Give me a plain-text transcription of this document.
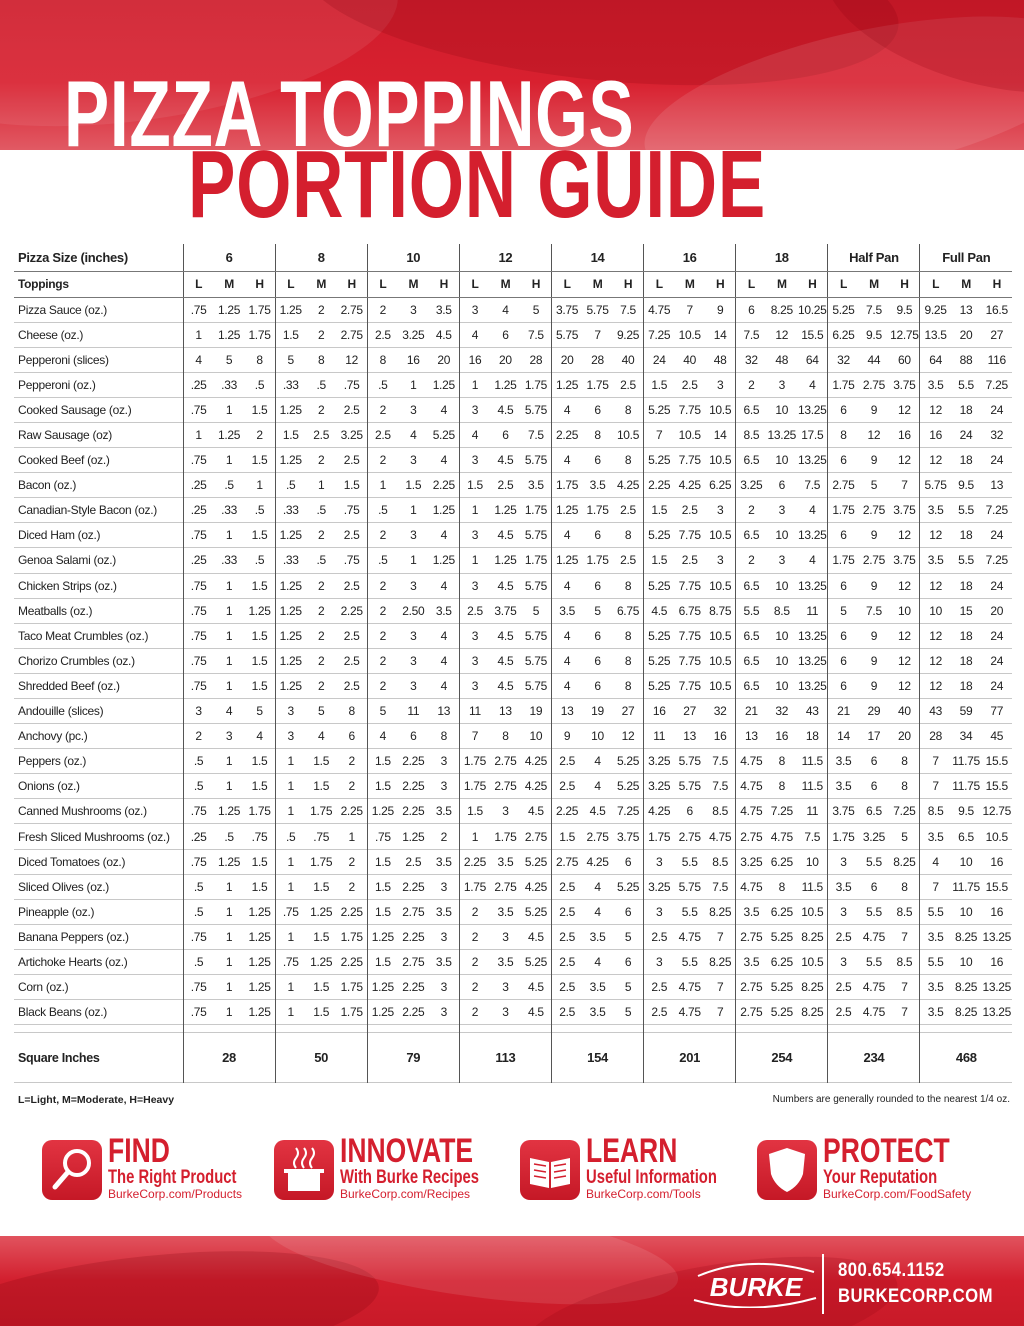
PIZZA TOPPINGS
PORTION GUIDE
Pizza Size (inches)	6			8			10			12			14			16			18			Half Pan			Full Pan		
Toppings	L	M	H	L	M	H	L	M	H	L	M	H	L	M	H	L	M	H	L	M	H	L	M	H	L	M	H
Pizza Sauce (oz.)	.75	1.25	1.75	1.25	2	2.75	2	3	3.5	3	4	5	3.75	5.75	7.5	4.75	7	9	6	8.25	10.25	5.25	7.5	9.5	9.25	13	16.5
Cheese (oz.)	1	1.25	1.75	1.5	2	2.75	2.5	3.25	4.5	4	6	7.5	5.75	7	9.25	7.25	10.5	14	7.5	12	15.5	6.25	9.5	12.75	13.5	20	27
Pepperoni (slices)	4	5	8	5	8	12	8	16	20	16	20	28	20	28	40	24	40	48	32	48	64	32	44	60	64	88	116
Pepperoni (oz.)	.25	.33	.5	.33	.5	.75	.5	1	1.25	1	1.25	1.75	1.25	1.75	2.5	1.5	2.5	3	2	3	4	1.75	2.75	3.75	3.5	5.5	7.25
Cooked Sausage (oz.)	.75	1	1.5	1.25	2	2.5	2	3	4	3	4.5	5.75	4	6	8	5.25	7.75	10.5	6.5	10	13.25	6	9	12	12	18	24
Raw Sausage (oz)	1	1.25	2	1.5	2.5	3.25	2.5	4	5.25	4	6	7.5	2.25	8	10.5	7	10.5	14	8.5	13.25	17.5	8	12	16	16	24	32
Cooked Beef (oz.)	.75	1	1.5	1.25	2	2.5	2	3	4	3	4.5	5.75	4	6	8	5.25	7.75	10.5	6.5	10	13.25	6	9	12	12	18	24
Bacon (oz.)	.25	.5	1	.5	1	1.5	1	1.5	2.25	1.5	2.5	3.5	1.75	3.5	4.25	2.25	4.25	6.25	3.25	6	7.5	2.75	5	7	5.75	9.5	13
Canadian-Style Bacon (oz.)	.25	.33	.5	.33	.5	.75	.5	1	1.25	1	1.25	1.75	1.25	1.75	2.5	1.5	2.5	3	2	3	4	1.75	2.75	3.75	3.5	5.5	7.25
Diced Ham (oz.)	.75	1	1.5	1.25	2	2.5	2	3	4	3	4.5	5.75	4	6	8	5.25	7.75	10.5	6.5	10	13.25	6	9	12	12	18	24
Genoa Salami (oz.)	.25	.33	.5	.33	.5	.75	.5	1	1.25	1	1.25	1.75	1.25	1.75	2.5	1.5	2.5	3	2	3	4	1.75	2.75	3.75	3.5	5.5	7.25
Chicken Strips (oz.)	.75	1	1.5	1.25	2	2.5	2	3	4	3	4.5	5.75	4	6	8	5.25	7.75	10.5	6.5	10	13.25	6	9	12	12	18	24
Meatballs (oz.)	.75	1	1.25	1.25	2	2.25	2	2.50	3.5	2.5	3.75	5	3.5	5	6.75	4.5	6.75	8.75	5.5	8.5	11	5	7.5	10	10	15	20
Taco Meat Crumbles (oz.)	.75	1	1.5	1.25	2	2.5	2	3	4	3	4.5	5.75	4	6	8	5.25	7.75	10.5	6.5	10	13.25	6	9	12	12	18	24
Chorizo Crumbles (oz.)	.75	1	1.5	1.25	2	2.5	2	3	4	3	4.5	5.75	4	6	8	5.25	7.75	10.5	6.5	10	13.25	6	9	12	12	18	24
Shredded Beef (oz.)	.75	1	1.5	1.25	2	2.5	2	3	4	3	4.5	5.75	4	6	8	5.25	7.75	10.5	6.5	10	13.25	6	9	12	12	18	24
Andouille (slices)	3	4	5	3	5	8	5	11	13	11	13	19	13	19	27	16	27	32	21	32	43	21	29	40	43	59	77
Anchovy (pc.)	2	3	4	3	4	6	4	6	8	7	8	10	9	10	12	11	13	16	13	16	18	14	17	20	28	34	45
Peppers (oz.)	.5	1	1.5	1	1.5	2	1.5	2.25	3	1.75	2.75	4.25	2.5	4	5.25	3.25	5.75	7.5	4.75	8	11.5	3.5	6	8	7	11.75	15.5
Onions (oz.)	.5	1	1.5	1	1.5	2	1.5	2.25	3	1.75	2.75	4.25	2.5	4	5.25	3.25	5.75	7.5	4.75	8	11.5	3.5	6	8	7	11.75	15.5
Canned Mushrooms (oz.)	.75	1.25	1.75	1	1.75	2.25	1.25	2.25	3.5	1.5	3	4.5	2.25	4.5	7.25	4.25	6	8.5	4.75	7.25	11	3.75	6.5	7.25	8.5	9.5	12.75
Fresh Sliced Mushrooms (oz.)	.25	.5	.75	.5	.75	1	.75	1.25	2	1	1.75	2.75	1.5	2.75	3.75	1.75	2.75	4.75	2.75	4.75	7.5	1.75	3.25	5	3.5	6.5	10.5
Diced Tomatoes (oz.)	.75	1.25	1.5	1	1.75	2	1.5	2.5	3.5	2.25	3.5	5.25	2.75	4.25	6	3	5.5	8.5	3.25	6.25	10	3	5.5	8.25	4	10	16
Sliced Olives (oz.)	.5	1	1.5	1	1.5	2	1.5	2.25	3	1.75	2.75	4.25	2.5	4	5.25	3.25	5.75	7.5	4.75	8	11.5	3.5	6	8	7	11.75	15.5
Pineapple (oz.)	.5	1	1.25	.75	1.25	2.25	1.5	2.75	3.5	2	3.5	5.25	2.5	4	6	3	5.5	8.25	3.5	6.25	10.5	3	5.5	8.5	5.5	10	16
Banana Peppers (oz.)	.75	1	1.25	1	1.5	1.75	1.25	2.25	3	2	3	4.5	2.5	3.5	5	2.5	4.75	7	2.75	5.25	8.25	2.5	4.75	7	3.5	8.25	13.25
Artichoke Hearts (oz.)	.5	1	1.25	.75	1.25	2.25	1.5	2.75	3.5	2	3.5	5.25	2.5	4	6	3	5.5	8.25	3.5	6.25	10.5	3	5.5	8.5	5.5	10	16
Corn (oz.)	.75	1	1.25	1	1.5	1.75	1.25	2.25	3	2	3	4.5	2.5	3.5	5	2.5	4.75	7	2.75	5.25	8.25	2.5	4.75	7	3.5	8.25	13.25
Black Beans (oz.)	.75	1	1.25	1	1.5	1.75	1.25	2.25	3	2	3	4.5	2.5	3.5	5	2.5	4.75	7	2.75	5.25	8.25	2.5	4.75	7	3.5	8.25	13.25

Square Inches	28			50			79			113			154			201			254			234			468		
L=Light, M=Moderate, H=Heavy	Numbers are generally rounded to the nearest 1/4 oz.
FIND
The Right Product
BurkeCorp.com/Products
INNOVATE
With Burke Recipes
BurkeCorp.com/Recipes
LEARN
Useful Information
BurkeCorp.com/Tools
PROTECT
Your Reputation
BurkeCorp.com/FoodSafety
BURKE
800.654.1152
BURKECORP.COM
